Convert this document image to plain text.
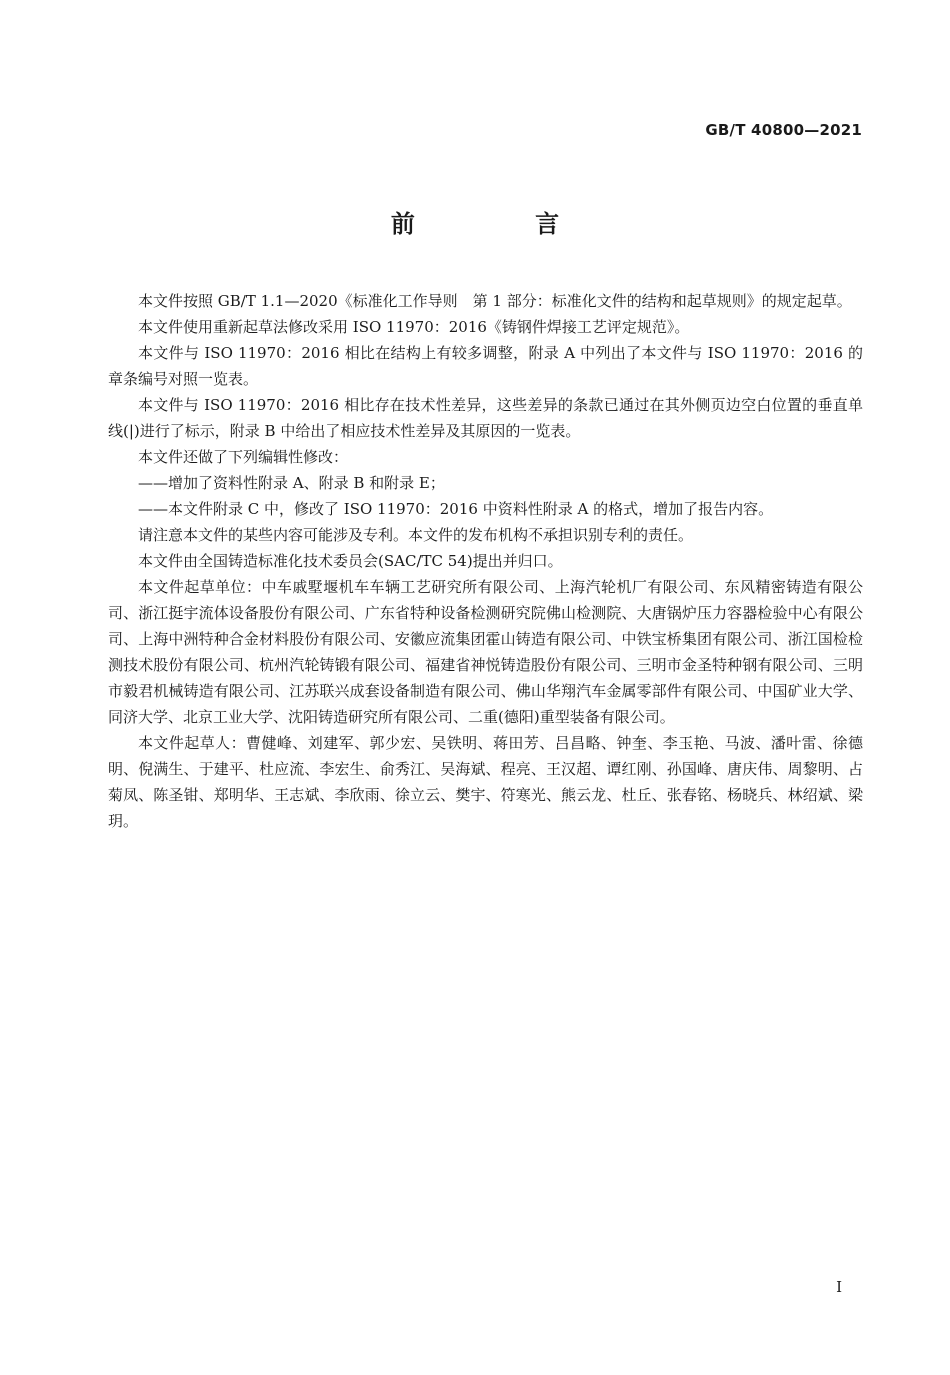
GB/T 40800—2021
前 言

本文件按照 GB/T 1.1—2020《标准化工作导则　第 1 部分：标准化文件的结构和起草规则》的规定起草。

本文件使用重新起草法修改采用 ISO 11970：2016《铸钢件焊接工艺评定规范》。

本文件与 ISO 11970：2016 相比在结构上有较多调整，附录 A 中列出了本文件与 ISO 11970：2016 的章条编号对照一览表。

本文件与 ISO 11970：2016 相比存在技术性差异，这些差异的条款已通过在其外侧页边空白位置的垂直单线(|)进行了标示，附录 B 中给出了相应技术性差异及其原因的一览表。

本文件还做了下列编辑性修改：

——增加了资料性附录 A、附录 B 和附录 E；

——本文件附录 C 中，修改了 ISO 11970：2016 中资料性附录 A 的格式，增加了报告内容。

请注意本文件的某些内容可能涉及专利。本文件的发布机构不承担识别专利的责任。

本文件由全国铸造标准化技术委员会(SAC/TC 54)提出并归口。

本文件起草单位：中车戚墅堰机车车辆工艺研究所有限公司、上海汽轮机厂有限公司、东风精密铸造有限公司、浙江挺宇流体设备股份有限公司、广东省特种设备检测研究院佛山检测院、大唐锅炉压力容器检验中心有限公司、上海中洲特种合金材料股份有限公司、安徽应流集团霍山铸造有限公司、中铁宝桥集团有限公司、浙江国检检测技术股份有限公司、杭州汽轮铸锻有限公司、福建省神悦铸造股份有限公司、三明市金圣特种钢有限公司、三明市毅君机械铸造有限公司、江苏联兴成套设备制造有限公司、佛山华翔汽车金属零部件有限公司、中国矿业大学、同济大学、北京工业大学、沈阳铸造研究所有限公司、二重(德阳)重型装备有限公司。

本文件起草人：曹健峰、刘建军、郭少宏、吴铁明、蒋田芳、吕昌略、钟奎、李玉艳、马波、潘叶雷、徐德明、倪满生、于建平、杜应流、李宏生、俞秀江、吴海斌、程亮、王汉超、谭红刚、孙国峰、唐庆伟、周黎明、占菊凤、陈圣钳、郑明华、王志斌、李欣雨、徐立云、樊宇、符寒光、熊云龙、杜丘、张春铭、杨晓兵、林绍斌、梁玥。

I
